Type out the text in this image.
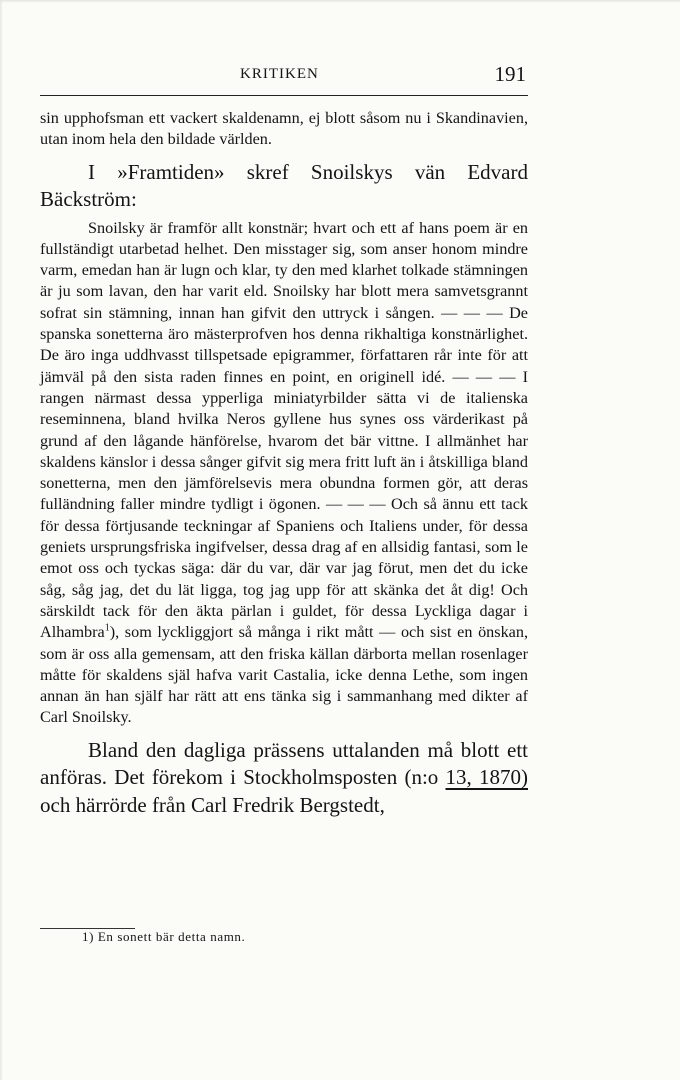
KRITIKEN	191

sin upphofsman ett vackert skaldenamn, ej blott såsom nu i Skandinavien, utan inom hela den bildade världen.

I »Framtiden» skref Snoilskys vän Edvard Bäckström:

Snoilsky är framför allt konstnär; hvart och ett af hans poem är en fullständigt utarbetad helhet. Den misstager sig, som anser honom mindre varm, emedan han är lugn och klar, ty den med klarhet tolkade stämningen är ju som lavan, den har varit eld. Snoilsky har blott mera samvetsgrannt sofrat sin stämning, innan han gifvit den uttryck i sången. — — — De spanska sonetterna äro mästerprofven hos denna rikhaltiga konstnärlighet. De äro inga uddhvasst tillspetsade epigrammer, författaren rår inte för att jämväl på den sista raden finnes en point, en originell idé. — — — I rangen närmast dessa ypperliga miniatyrbilder sätta vi de italienska reseminnena, bland hvilka Neros gyllene hus synes oss värderikast på grund af den lågande hänförelse, hvarom det bär vittne. I allmänhet har skaldens känslor i dessa sånger gifvit sig mera fritt luft än i åtskilliga bland sonetterna, men den jämförelsevis mera obundna formen gör, att deras fulländning faller mindre tydligt i ögonen. — — — Och så ännu ett tack för dessa förtjusande teckningar af Spaniens och Italiens under, för dessa geniets ursprungsfriska ingifvelser, dessa drag af en allsidig fantasi, som le emot oss och tyckas säga: där du var, där var jag förut, men det du icke såg, såg jag, det du lät ligga, tog jag upp för att skänka det åt dig! Och särskildt tack för den äkta pärlan i guldet, för dessa Lyckliga dagar i Alhambra$^1$), som lyckliggjort så många i rikt mått — och sist en önskan, som är oss alla gemensam, att den friska källan därborta mellan rosenlager måtte för skaldens själ hafva varit Castalia, icke denna Lethe, som ingen annan än han själf har rätt att ens tänka sig i sammanhang med dikter af Carl Snoilsky.

Bland den dagliga prässens uttalanden må blott ett anföras. Det förekom i Stockholmsposten (n:o 13, 1870) och härrörde från Carl Fredrik Bergstedt,

1) En sonett bär detta namn.
